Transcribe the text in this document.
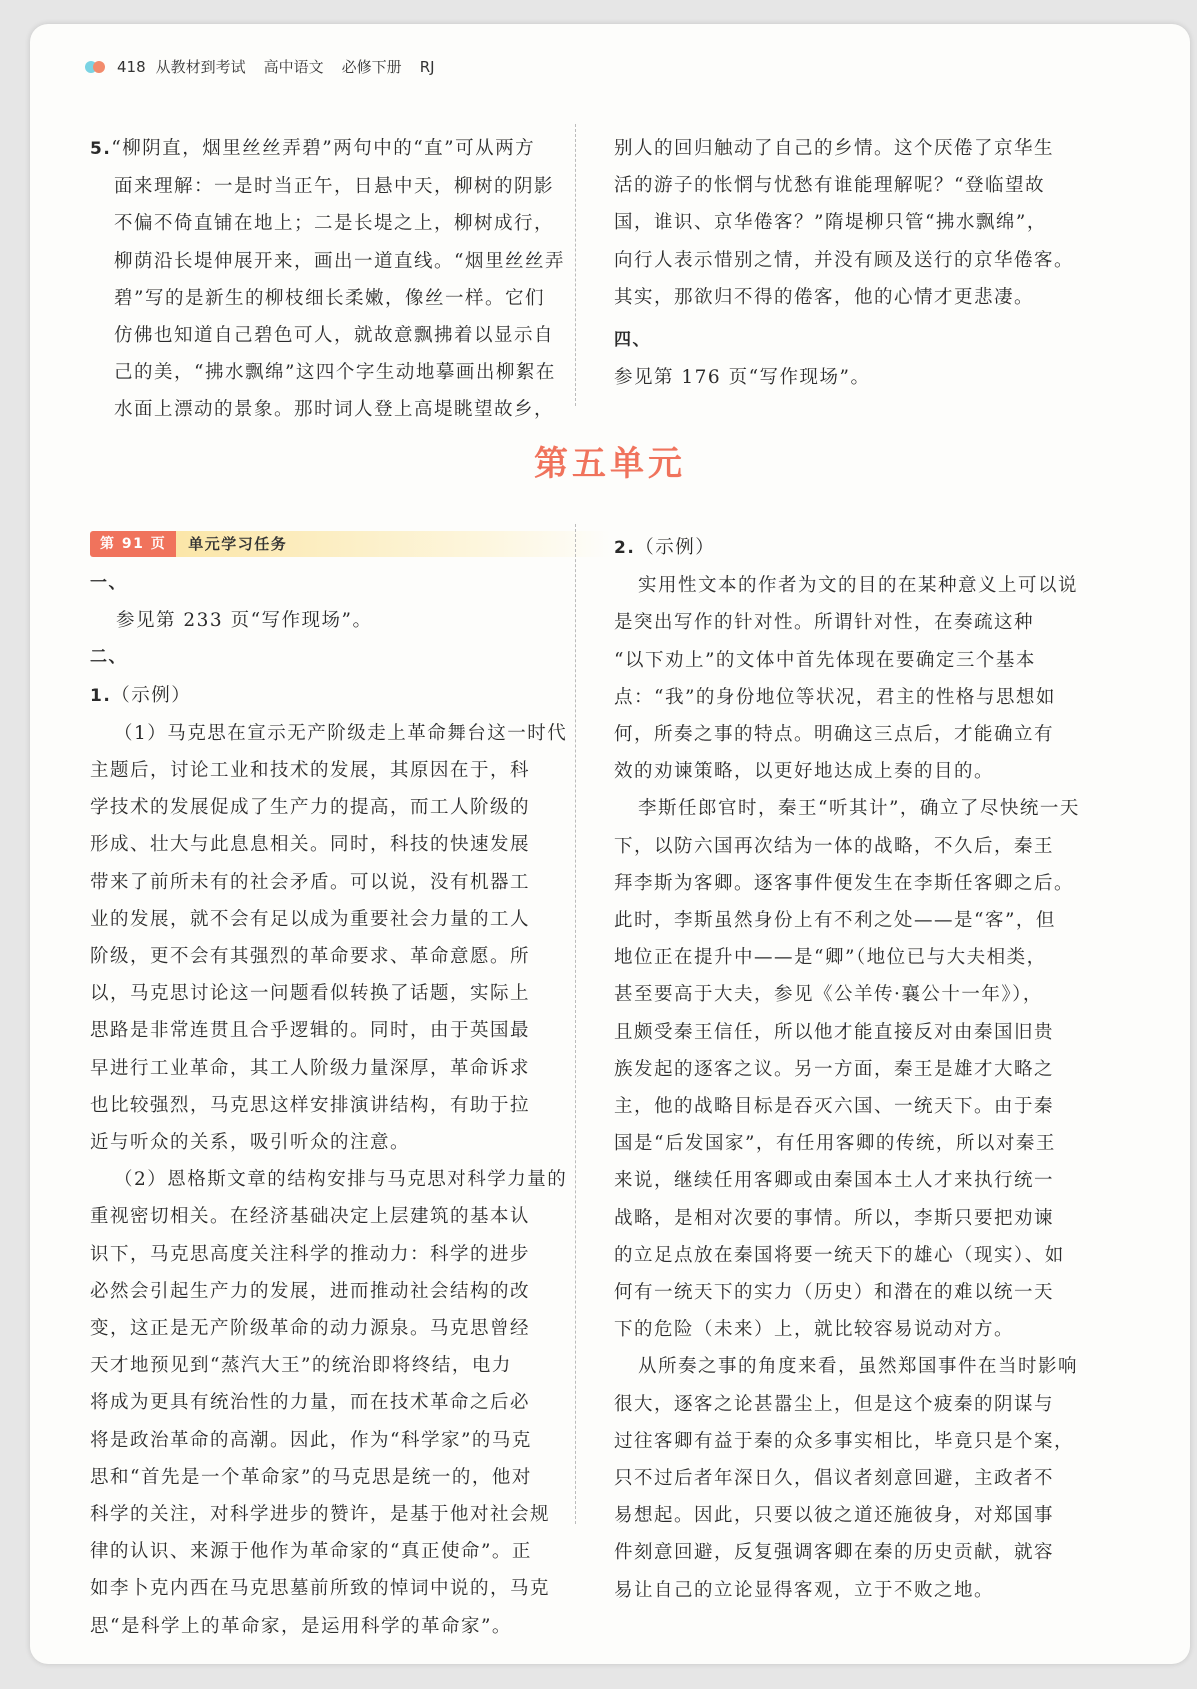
418 从教材到考试 高中语文 必修下册 RJ

5.“柳阴直，烟里丝丝弄碧”两句中的“直”可从两方

面来理解：一是时当正午，日悬中天，柳树的阴影

不偏不倚直铺在地上；二是长堤之上，柳树成行，

柳荫沿长堤伸展开来，画出一道直线。“烟里丝丝弄

碧”写的是新生的柳枝细长柔嫩，像丝一样。它们

仿佛也知道自己碧色可人，就故意飘拂着以显示自

己的美，“拂水飘绵”这四个字生动地摹画出柳絮在

水面上漂动的景象。那时词人登上高堤眺望故乡，

别人的回归触动了自己的乡情。这个厌倦了京华生

活的游子的怅惘与忧愁有谁能理解呢？“登临望故

国，谁识、京华倦客？”隋堤柳只管“拂水飘绵”，

向行人表示惜别之情，并没有顾及送行的京华倦客。

其实，那欲归不得的倦客，他的心情才更悲凄。

四、

参见第 176 页“写作现场”。

第五单元
第 91 页	单元学习任务

一、

参见第 233 页“写作现场”。

二、

1.（示例）

（1）马克思在宣示无产阶级走上革命舞台这一时代

主题后，讨论工业和技术的发展，其原因在于，科

学技术的发展促成了生产力的提高，而工人阶级的

形成、壮大与此息息相关。同时，科技的快速发展

带来了前所未有的社会矛盾。可以说，没有机器工

业的发展，就不会有足以成为重要社会力量的工人

阶级，更不会有其强烈的革命要求、革命意愿。所

以，马克思讨论这一问题看似转换了话题，实际上

思路是非常连贯且合乎逻辑的。同时，由于英国最

早进行工业革命，其工人阶级力量深厚，革命诉求

也比较强烈，马克思这样安排演讲结构，有助于拉

近与听众的关系，吸引听众的注意。

（2）恩格斯文章的结构安排与马克思对科学力量的

重视密切相关。在经济基础决定上层建筑的基本认

识下，马克思高度关注科学的推动力：科学的进步

必然会引起生产力的发展，进而推动社会结构的改

变，这正是无产阶级革命的动力源泉。马克思曾经

天才地预见到“蒸汽大王”的统治即将终结，电力

将成为更具有统治性的力量，而在技术革命之后必

将是政治革命的高潮。因此，作为“科学家”的马克

思和“首先是一个革命家”的马克思是统一的，他对

科学的关注，对科学进步的赞许，是基于他对社会规

律的认识、来源于他作为革命家的“真正使命”。正

如李卜克内西在马克思墓前所致的悼词中说的，马克

思“是科学上的革命家，是运用科学的革命家”。

2.（示例）

实用性文本的作者为文的目的在某种意义上可以说

是突出写作的针对性。所谓针对性，在奏疏这种

“以下劝上”的文体中首先体现在要确定三个基本

点：“我”的身份地位等状况，君主的性格与思想如

何，所奏之事的特点。明确这三点后，才能确立有

效的劝谏策略，以更好地达成上奏的目的。

李斯任郎官时，秦王“听其计”，确立了尽快统一天

下，以防六国再次结为一体的战略，不久后，秦王

拜李斯为客卿。逐客事件便发生在李斯任客卿之后。

此时，李斯虽然身份上有不利之处——是“客”，但

地位正在提升中——是“卿”（地位已与大夫相类，

甚至要高于大夫，参见《公羊传·襄公十一年》），

且颇受秦王信任，所以他才能直接反对由秦国旧贵

族发起的逐客之议。另一方面，秦王是雄才大略之

主，他的战略目标是吞灭六国、一统天下。由于秦

国是“后发国家”，有任用客卿的传统，所以对秦王

来说，继续任用客卿或由秦国本土人才来执行统一

战略，是相对次要的事情。所以，李斯只要把劝谏

的立足点放在秦国将要一统天下的雄心（现实）、如

何有一统天下的实力（历史）和潜在的难以统一天

下的危险（未来）上，就比较容易说动对方。

从所奏之事的角度来看，虽然郑国事件在当时影响

很大，逐客之论甚嚣尘上，但是这个疲秦的阴谋与

过往客卿有益于秦的众多事实相比，毕竟只是个案，

只不过后者年深日久，倡议者刻意回避，主政者不

易想起。因此，只要以彼之道还施彼身，对郑国事

件刻意回避，反复强调客卿在秦的历史贡献，就容

易让自己的立论显得客观，立于不败之地。
